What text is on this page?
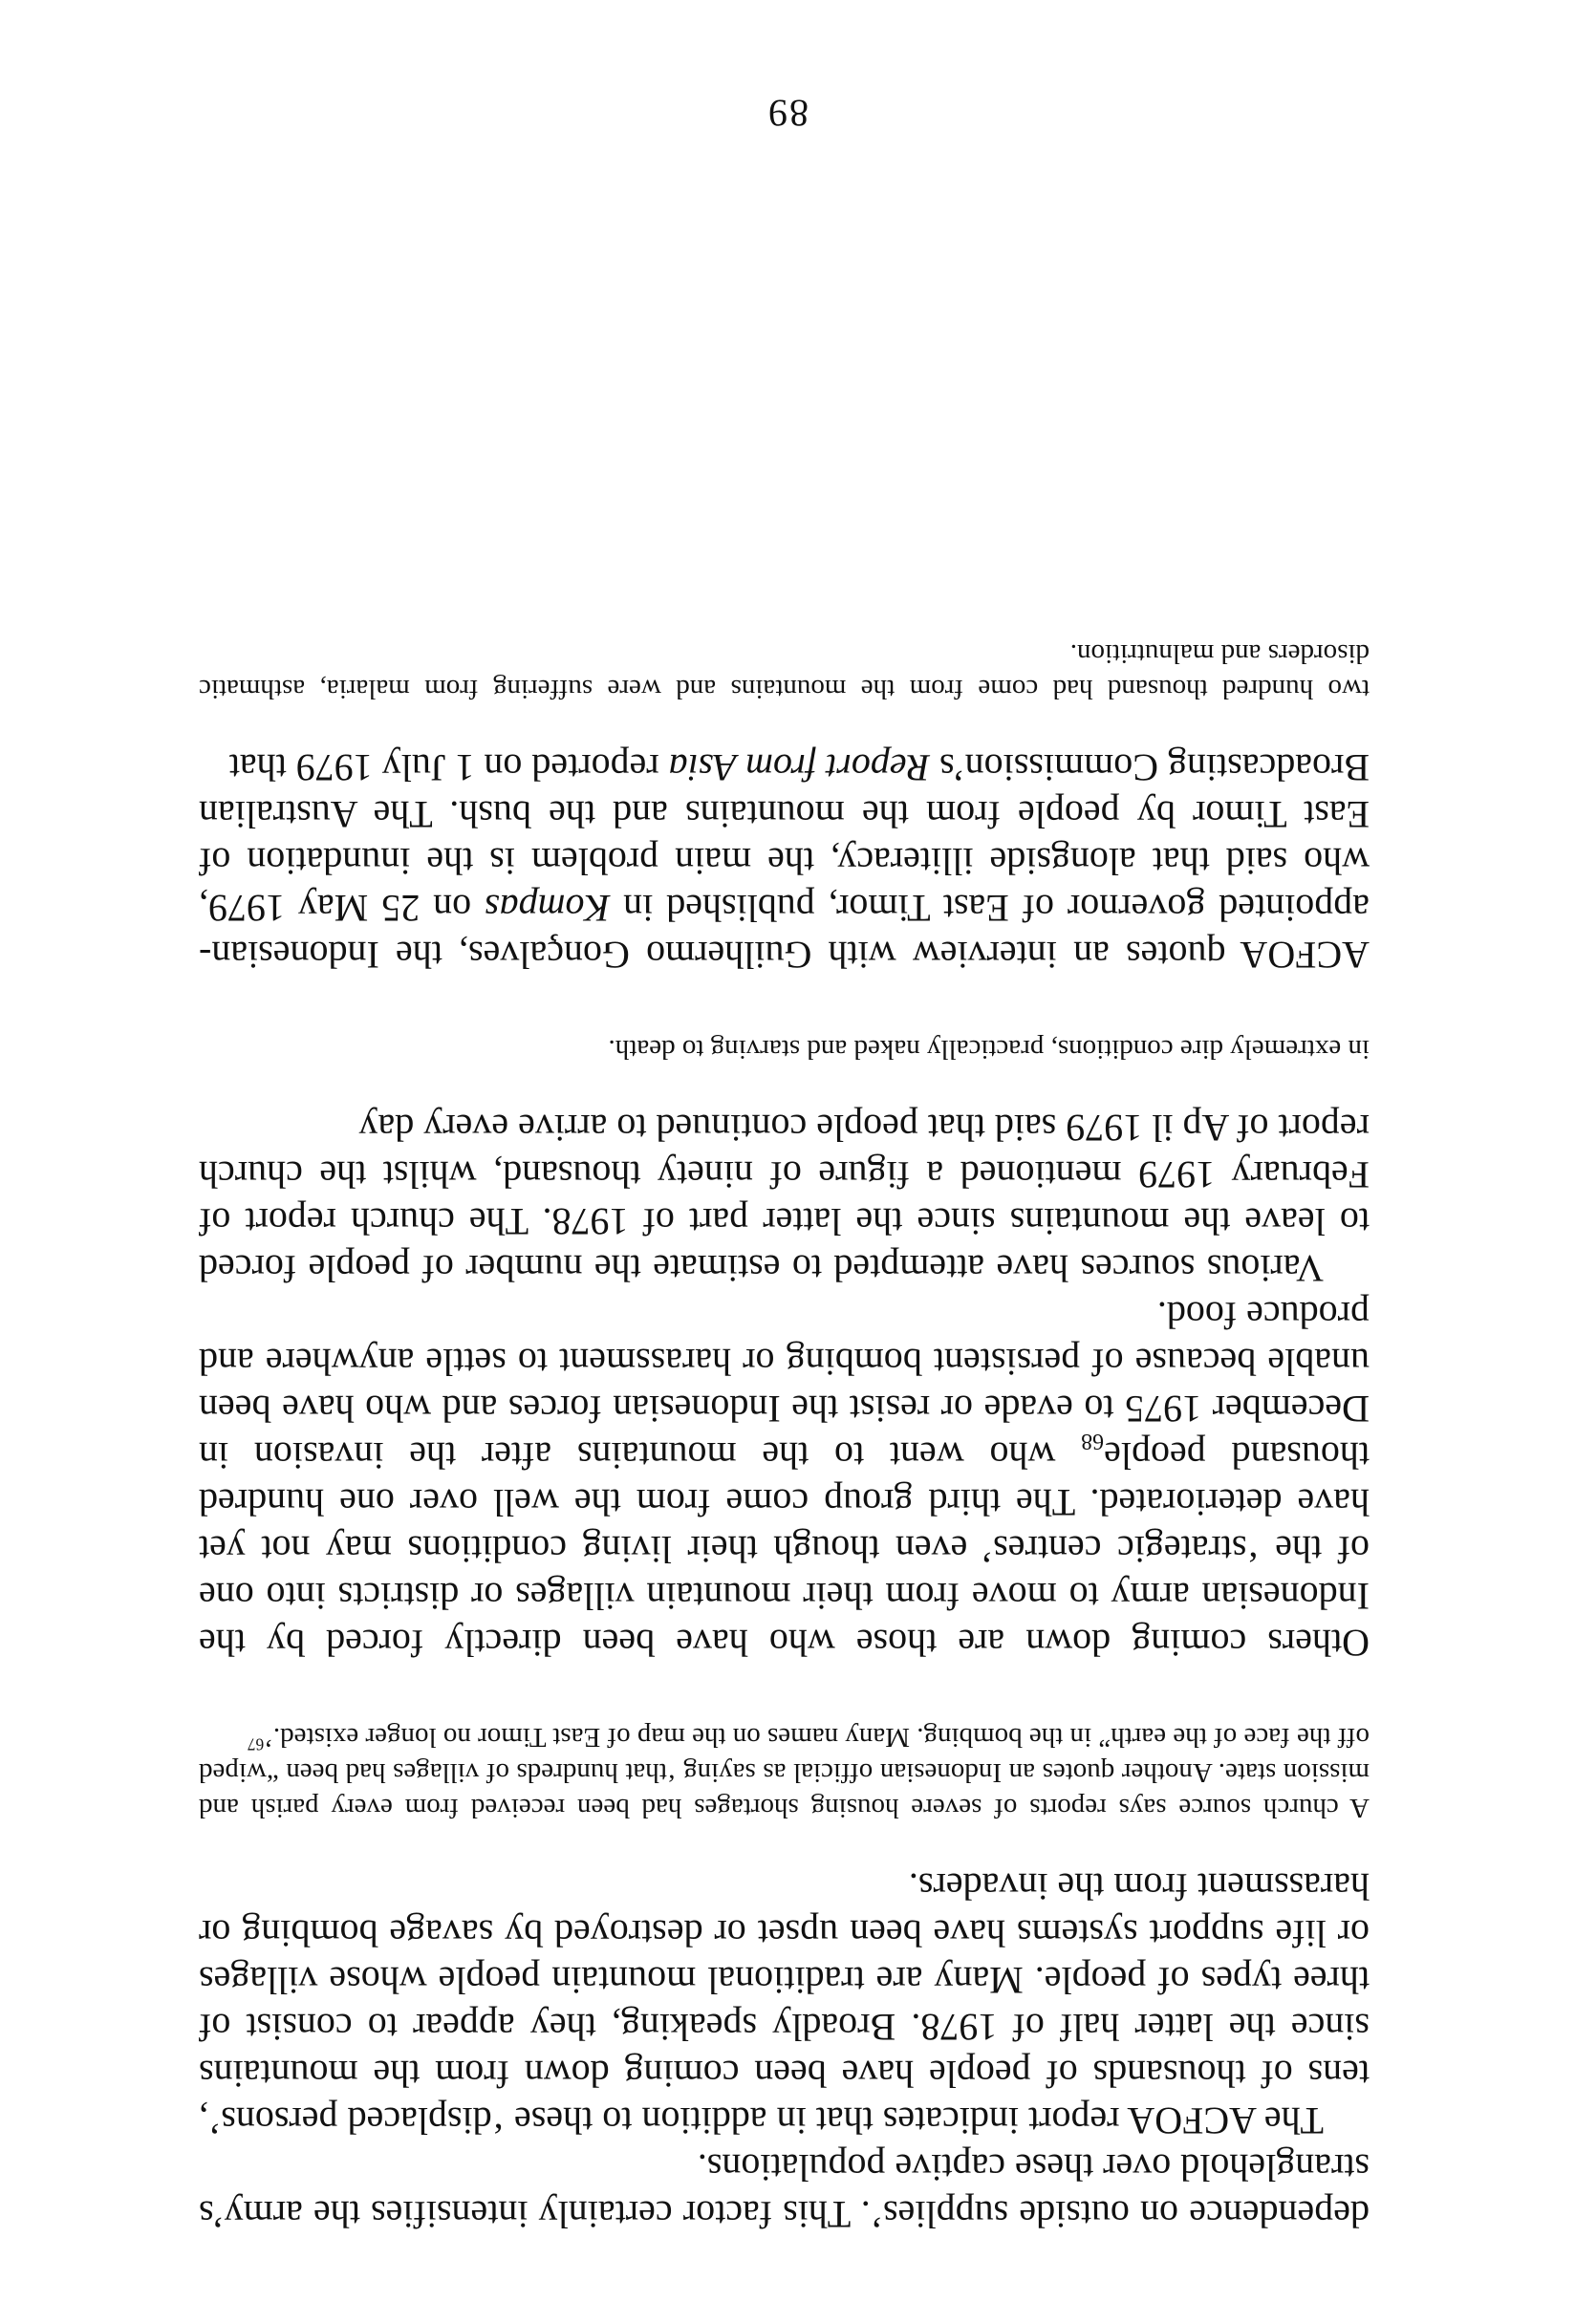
dependence on outside supplies’. This factor certainly intensifies the army’s stranglehold over these captive populations.

The ACFOA report indicates that in addition to these ‘displaced persons’, tens of thousands of people have been coming down from the mountains since the latter half of 1978. Broadly speaking, they appear to consist of three types of people. Many are traditional mountain people whose villages or life support systems have been upset or destroyed by savage bombing or harassment from the invaders.

A church source says reports of severe housing shortages had been received from every parish and mission state. Another quotes an Indonesian official as saying ‘that hundreds of villages had been “wiped off the face of the earth” in the bombing. Many names on the map of East Timor no longer existed.’$^{67}$

Others coming down are those who have been directly forced by the Indonesian army to move from their mountain villages or districts into one of the ‘strategic centres’ even though their living conditions may not yet have deteriorated. The third group come from the well over one hundred thousand people$_{68}$ who went to the mountains after the invasion in December 1975 to evade or resist the Indonesian forces and who have been unable because of persistent bombing or harassment to settle anywhere and produce food.

Various sources have attempted to estimate the number of people forced to leave the mountains since the latter part of 1978. The church report of February 1979 mentioned a figure of ninety thousand, whilst the church report of Ap il 1979 said that people continued to arrive every day

in extremely dire conditions, practically naked and starving to death.

ACFOA quotes an interview with Guilhermo Gonçalves, the Indonesian-appointed governor of East Timor, published in Kompas on 25 May 1979, who said that alongside illiteracy, the main problem is the inundation of East Timor by people from the mountains and the bush. The Australian Broadcasting Commission’s Report from Asia reported on 1 July 1979 that

two hundred thousand had come from the mountains and were suffering from malaria, asthmatic disorders and malnutrition.

89
